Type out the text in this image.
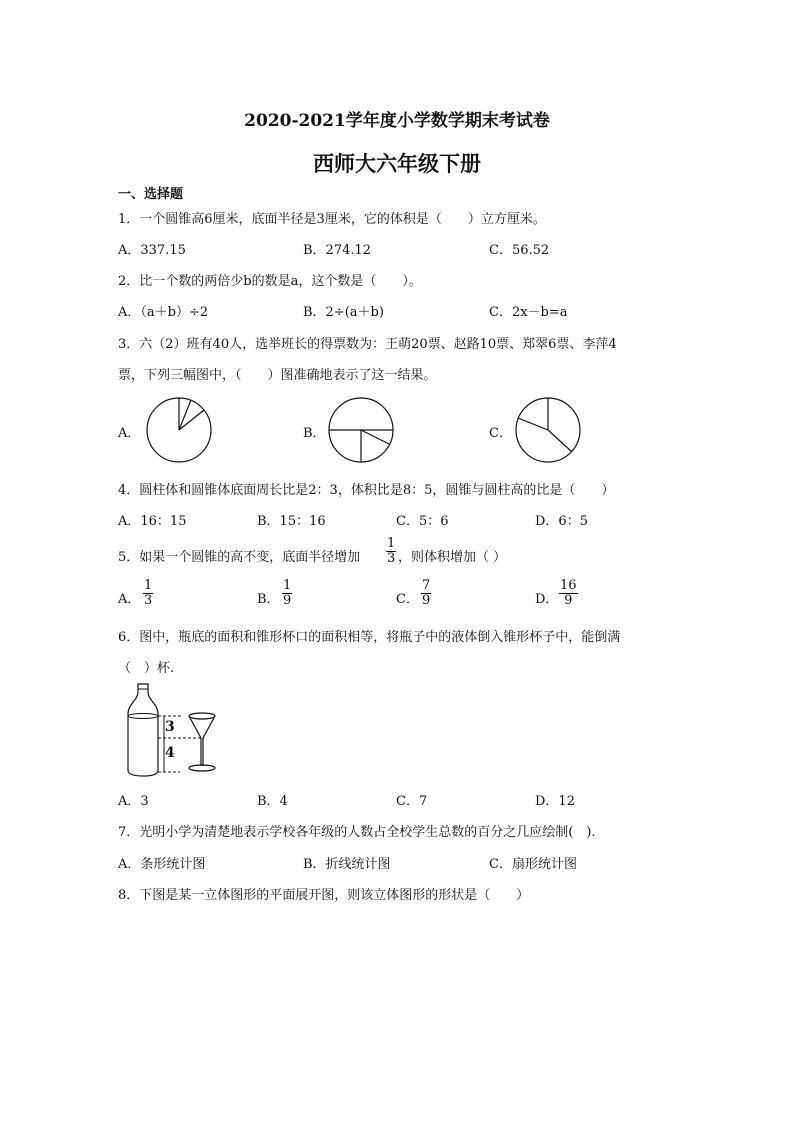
2020-2021学年度小学数学期末考试卷
西师大六年级下册
一、选择题
1．一个圆锥高6厘米，底面半径是3厘米，它的体积是（　　）立方厘米。
A．337.15	B．274.12	C．56.52
2．比一个数的两倍少b的数是a，这个数是（　　）。
A．（a＋b）÷2	B．2÷(a＋b)	C．2x－b=a
3．六（2）班有40人，选举班长的得票数为：王萌20票、赵路10票、郑翠6票、李萍4
票，下列三幅图中，（　　）图准确地表示了这一结果。
A．	B．	C．
4．圆柱体和圆锥体底面周长比是2：3，体积比是8：5，圆锥与圆柱高的比是（　　）
A．16：15	B．15：16	C．5：6	D．6：5
5．如果一个圆锥的高不变，底面半径增加 $\frac{1}{3}$ ，则体积增加（ ）
A． $\frac{1}{3}$	B． $\frac{1}{9}$	C． $\frac{7}{9}$	D． $\frac{16}{9}$
6．图中，瓶底的面积和锥形杯口的面积相等，将瓶子中的液体倒入锥形杯子中，能倒满
（　）杯.
3
4
A．3	B．4	C．7	D．12
7．光明小学为清楚地表示学校各年级的人数占全校学生总数的百分之几应绘制(　).
A．条形统计图	B．折线统计图	C．扇形统计图
8．下图是某一立体图形的平面展开图，则该立体图形的形状是（　　）
